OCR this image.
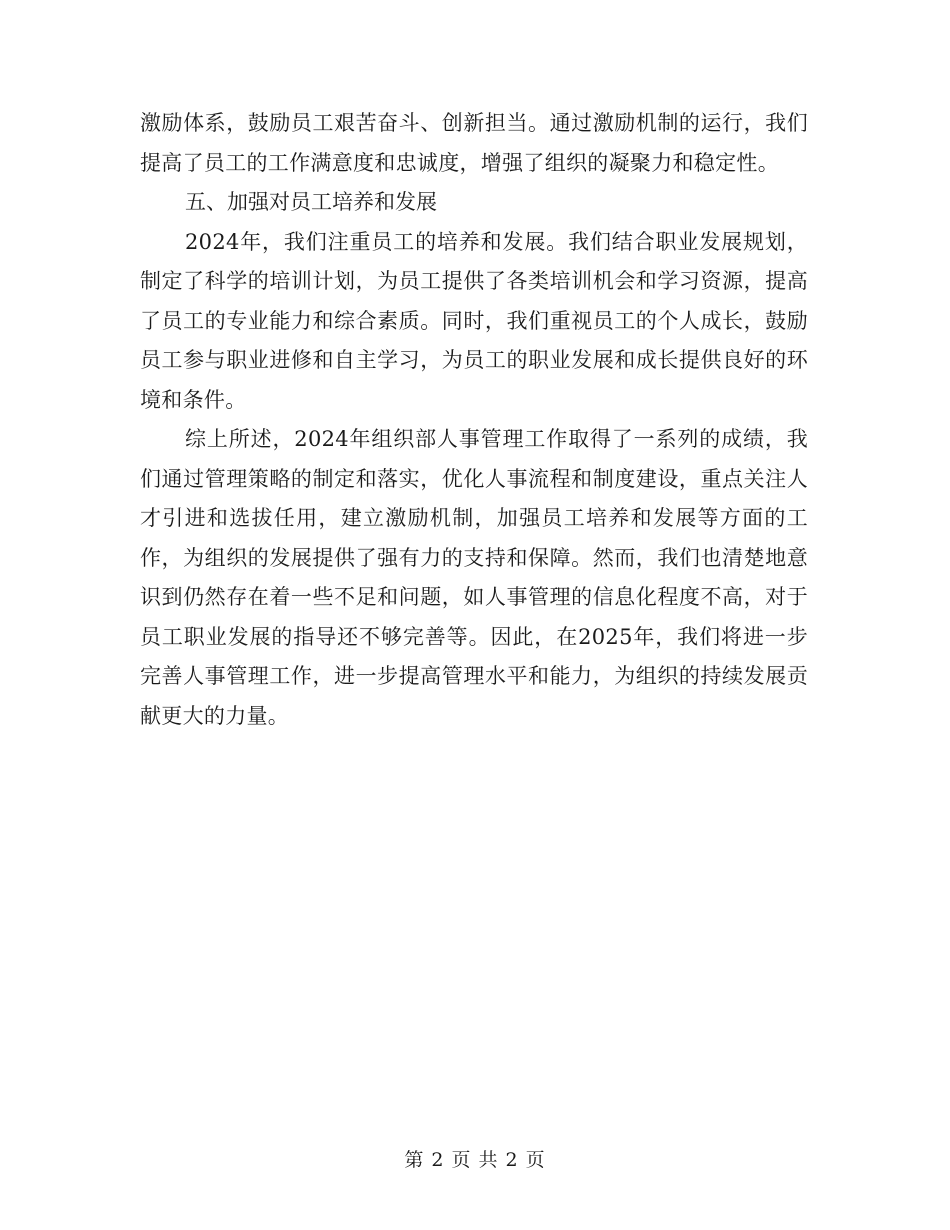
激励体系，鼓励员工艰苦奋斗、创新担当。通过激励机制的运行，我们提高了员工的工作满意度和忠诚度，增强了组织的凝聚力和稳定性。

五、加强对员工培养和发展

2024年，我们注重员工的培养和发展。我们结合职业发展规划，制定了科学的培训计划，为员工提供了各类培训机会和学习资源，提高了员工的专业能力和综合素质。同时，我们重视员工的个人成长，鼓励员工参与职业进修和自主学习，为员工的职业发展和成长提供良好的环境和条件。

综上所述，2024年组织部人事管理工作取得了一系列的成绩，我们通过管理策略的制定和落实，优化人事流程和制度建设，重点关注人才引进和选拔任用，建立激励机制，加强员工培养和发展等方面的工作，为组织的发展提供了强有力的支持和保障。然而，我们也清楚地意识到仍然存在着一些不足和问题，如人事管理的信息化程度不高，对于员工职业发展的指导还不够完善等。因此，在2025年，我们将进一步完善人事管理工作，进一步提高管理水平和能力，为组织的持续发展贡献更大的力量。

第 2 页 共 2 页
